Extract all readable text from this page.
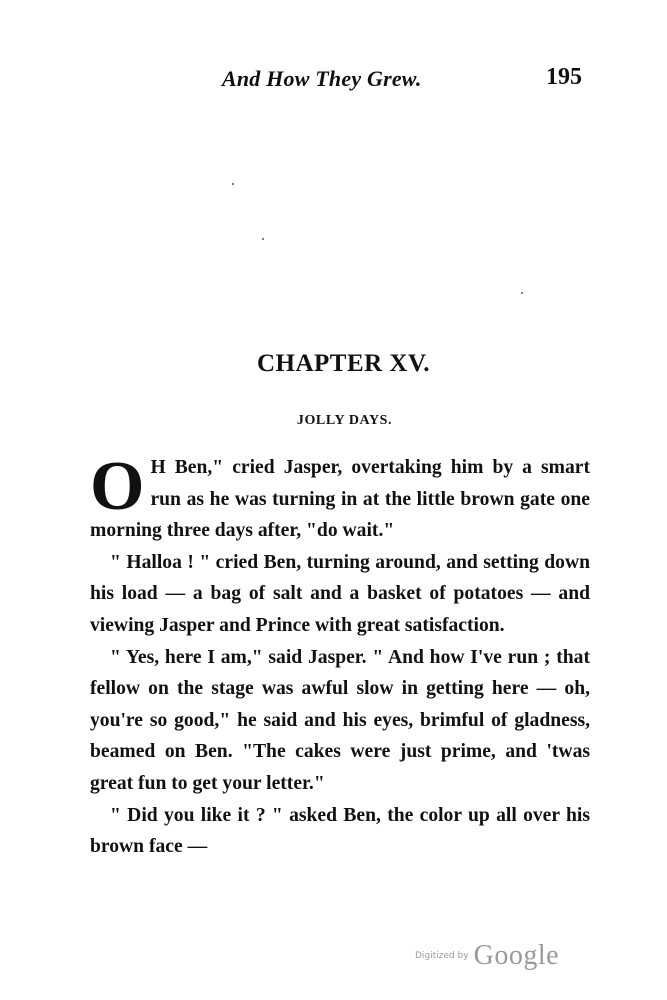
And How They Grew.	195
CHAPTER XV.
JOLLY DAYS.

O H Ben," cried Jasper, overtaking him by a smart run as he was turning in at the little brown gate one morning three days after, "do wait."

" Halloa ! " cried Ben, turning around, and setting down his load — a bag of salt and a basket of potatoes — and viewing Jasper and Prince with great satisfaction.

" Yes, here I am," said Jasper. " And how I've run ; that fellow on the stage was awful slow in getting here — oh, you're so good," he said and his eyes, brimful of gladness, beamed on Ben. "The cakes were just prime, and 'twas great fun to get your letter."

" Did you like it ? " asked Ben, the color up all over his brown face —

Digitized by Google
